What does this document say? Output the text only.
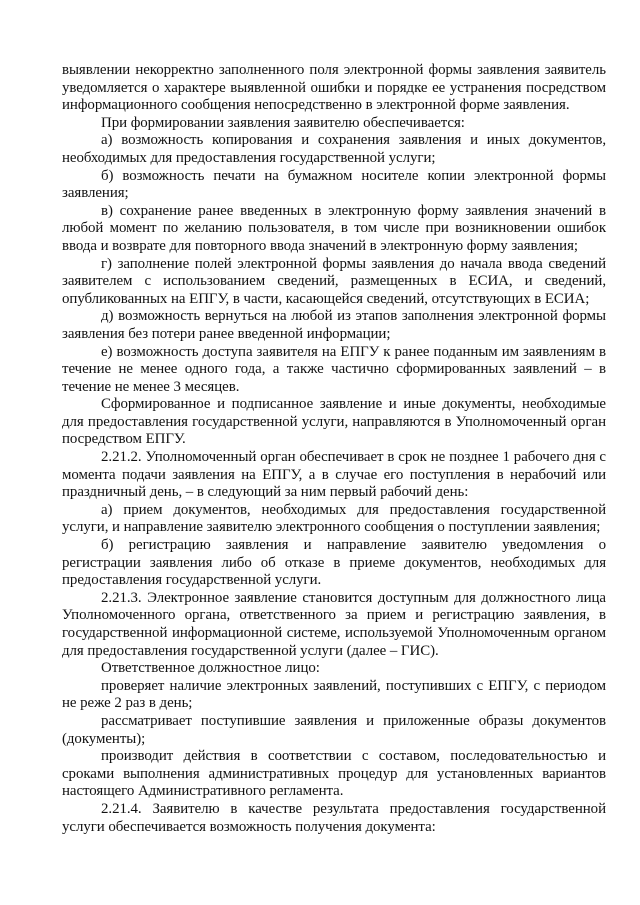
выявлении некорректно заполненного поля электронной формы заявления заявитель уведомляется о характере выявленной ошибки и порядке ее устранения посредством информационного сообщения непосредственно в электронной форме заявления.

При формировании заявления заявителю обеспечивается:

а) возможность копирования и сохранения заявления и иных документов, необходимых для предоставления государственной услуги;

б) возможность печати на бумажном носителе копии электронной формы заявления;

в) сохранение ранее введенных в электронную форму заявления значений в любой момент по желанию пользователя, в том числе при возникновении ошибок ввода и возврате для повторного ввода значений в электронную форму заявления;

г) заполнение полей электронной формы заявления до начала ввода сведений заявителем с использованием сведений, размещенных в ЕСИА, и сведений, опубликованных на ЕПГУ, в части, касающейся сведений, отсутствующих в ЕСИА;

д) возможность вернуться на любой из этапов заполнения электронной формы заявления без потери ранее введенной информации;

е) возможность доступа заявителя на ЕПГУ к ранее поданным им заявлениям в течение не менее одного года, а также частично сформированных заявлений – в течение не менее 3 месяцев.

Сформированное и подписанное заявление и иные документы, необходимые для предоставления государственной услуги, направляются в Уполномоченный орган посредством ЕПГУ.

2.21.2. Уполномоченный орган обеспечивает в срок не позднее 1 рабочего дня с момента подачи заявления на ЕПГУ, а в случае его поступления в нерабочий или праздничный день, – в следующий за ним первый рабочий день:

а) прием документов, необходимых для предоставления государственной услуги, и направление заявителю электронного сообщения о поступлении заявления;

б) регистрацию заявления и направление заявителю уведомления о регистрации заявления либо об отказе в приеме документов, необходимых для предоставления государственной услуги.

2.21.3. Электронное заявление становится доступным для должностного лица Уполномоченного органа, ответственного за прием и регистрацию заявления, в государственной информационной системе, используемой Уполномоченным органом для предоставления государственной услуги (далее – ГИС).

Ответственное должностное лицо:

проверяет наличие электронных заявлений, поступивших с ЕПГУ, с периодом не реже 2 раз в день;

рассматривает поступившие заявления и приложенные образы документов (документы);

производит действия в соответствии с составом, последовательностью и сроками выполнения административных процедур для установленных вариантов настоящего Административного регламента.

2.21.4. Заявителю в качестве результата предоставления государственной услуги обеспечивается возможность получения документа:
